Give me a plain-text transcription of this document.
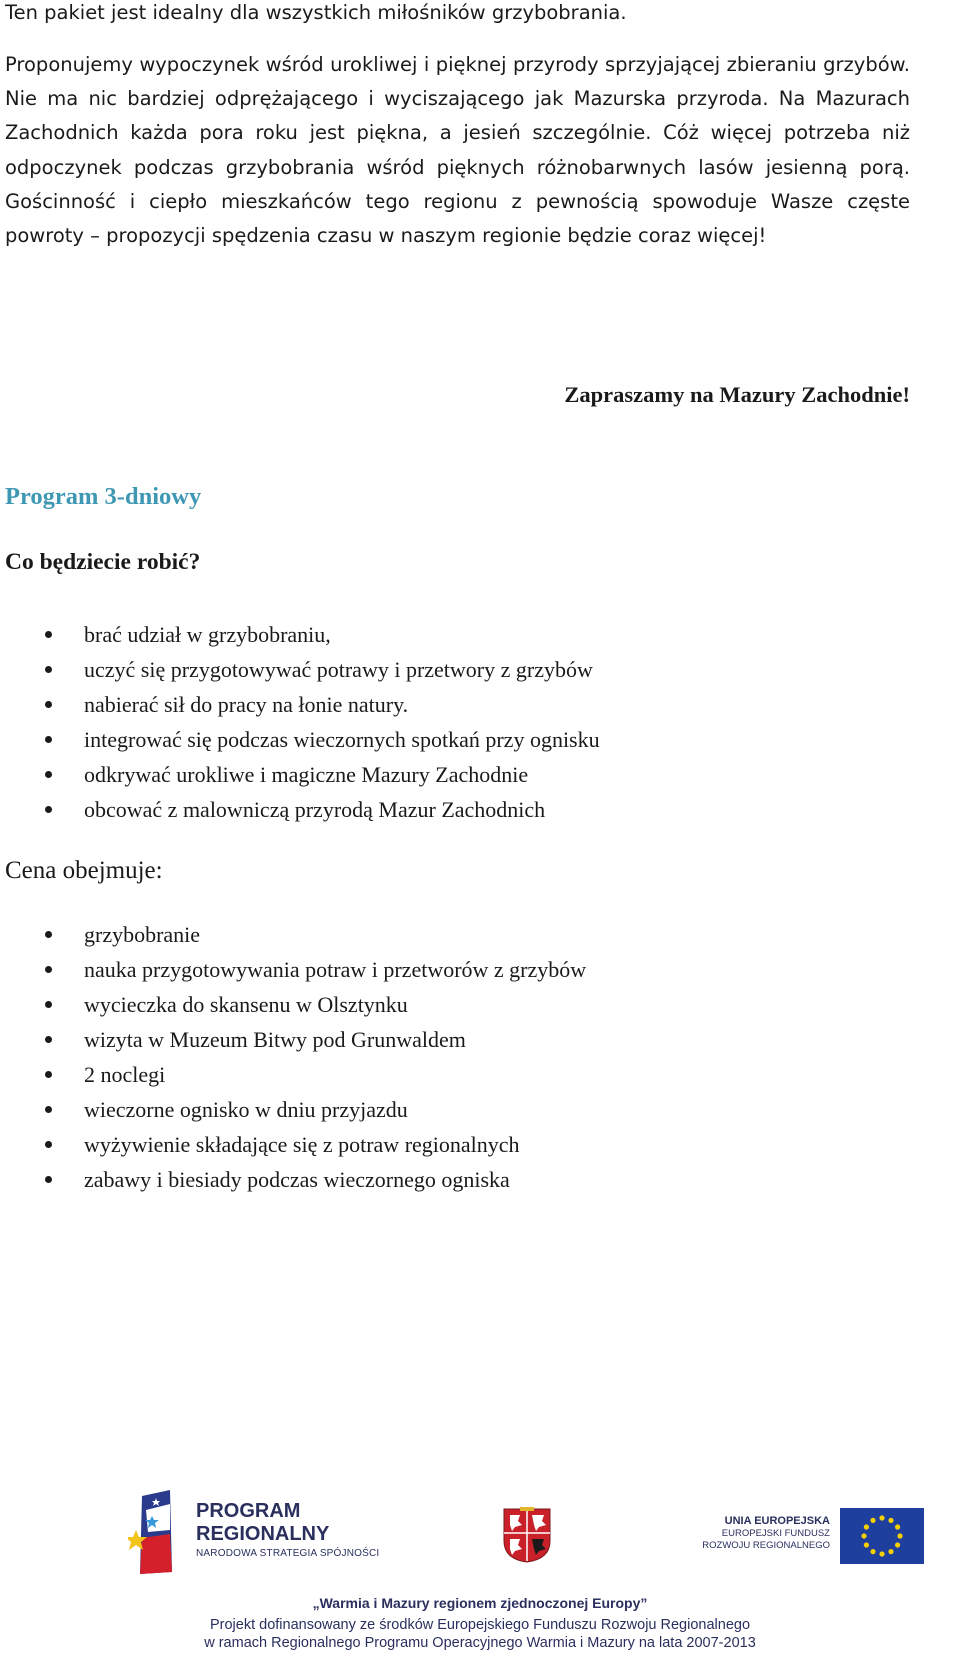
Ten pakiet jest idealny dla wszystkich miłośników grzybobrania.

Proponujemy wypoczynek wśród urokliwej i pięknej przyrody sprzyjającej zbieraniu grzybów. Nie ma nic bardziej odprężającego i wyciszającego jak Mazurska przyroda. Na Mazurach Zachodnich każda pora roku jest piękna, a jesień szczególnie. Cóż więcej potrzeba niż odpoczynek podczas grzybobrania wśród pięknych różnobarwnych lasów jesienną porą. Gościnność i ciepło mieszkańców tego regionu z pewnością spowoduje Wasze częste powroty – propozycji spędzenia czasu w naszym regionie będzie coraz więcej!

Zapraszamy na Mazury Zachodnie!
Program 3-dniowy
Co będziecie robić?
brać udział w grzybobraniu,
uczyć się przygotowywać potrawy i przetwory z grzybów
nabierać sił do pracy na łonie natury.
integrować się podczas wieczornych spotkań przy ognisku
odkrywać urokliwe i magiczne Mazury Zachodnie
obcować z malowniczą przyrodą Mazur Zachodnich
Cena obejmuje:
grzybobranie
nauka przygotowywania potraw i przetworów z grzybów
wycieczka do skansenu w Olsztynku
wizyta w Muzeum Bitwy pod Grunwaldem
2 noclegi
wieczorne ognisko w dniu przyjazdu
wyżywienie składające się z potraw regionalnych
zabawy i biesiady podczas wieczornego ogniska
PROGRAM
REGIONALNY
NARODOWA STRATEGIA SPÓJNOŚCI
UNIA EUROPEJSKA
EUROPEJSKI FUNDUSZ
ROZWOJU REGIONALNEGO
„Warmia i Mazury regionem zjednoczonej Europy”
Projekt dofinansowany ze środków Europejskiego Funduszu Rozwoju Regionalnego
w ramach Regionalnego Programu Operacyjnego Warmia i Mazury na lata 2007-2013
